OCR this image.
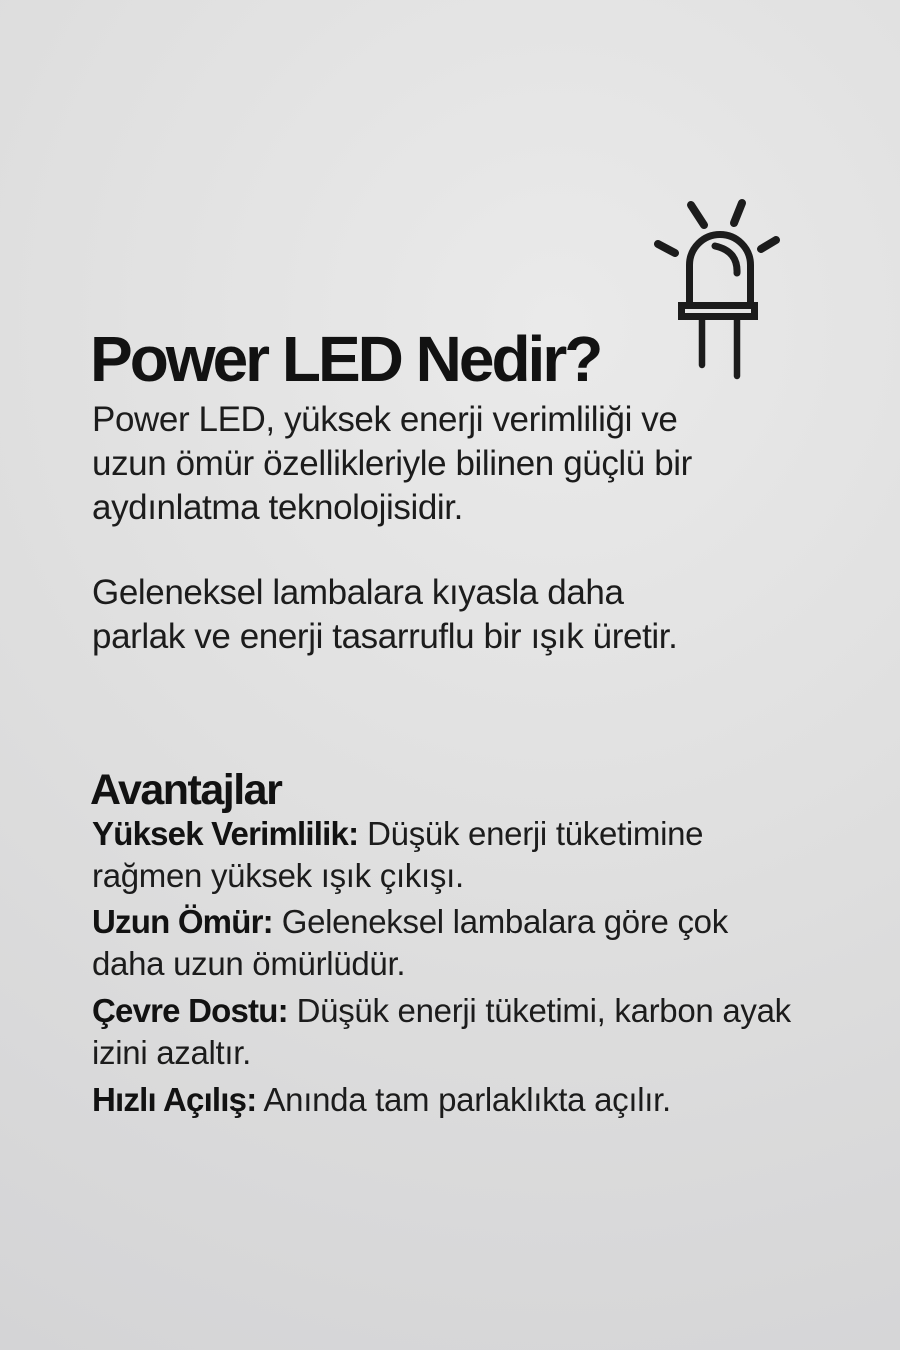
Power LED Nedir?
Power LED, yüksek enerji verimliliği ve
uzun ömür özellikleriyle bilinen güçlü bir
aydınlatma teknolojisidir.
Geleneksel lambalara kıyasla daha
parlak ve enerji tasarruflu bir ışık üretir.
Avantajlar
Yüksek Verimlilik: Düşük enerji tüketimine
rağmen yüksek ışık çıkışı.
Uzun Ömür: Geleneksel lambalara göre çok
daha uzun ömürlüdür.
Çevre Dostu: Düşük enerji tüketimi, karbon ayak
izini azaltır.
Hızlı Açılış: Anında tam parlaklıkta açılır.
